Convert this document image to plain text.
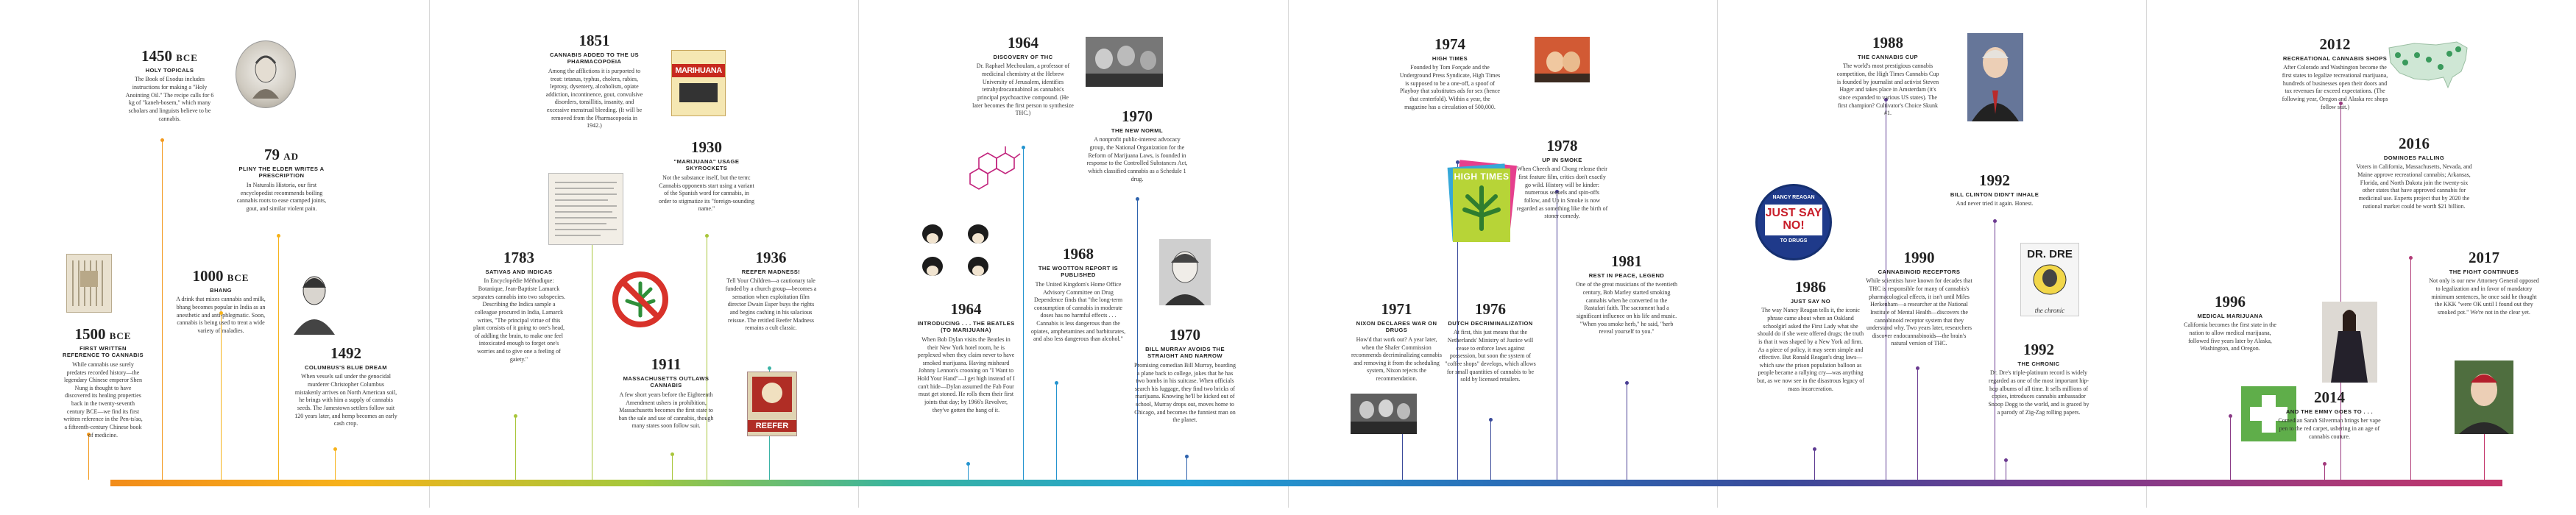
MARIHUANA
REEFER
HIGH TIMES
NANCY REAGAN
JUST SAY NO!
TO DRUGS
DR. DRE
the chronic
1500 BCE
FIRST WRITTEN REFERENCE TO CANNABIS
While cannabis use surely predates recorded history—the legendary Chinese emperor Shen Nung is thought to have discovered its healing properties back in the twenty-seventh century BCE—we find its first written reference in the Pen-ts'ao, a fifteenth-century Chinese book of medicine.
1450 BCE
HOLY TOPICALS
The Book of Exodus includes instructions for making a "Holy Anointing Oil." The recipe calls for 6 kg of "kaneh-bosem," which many scholars and linguists believe to be cannabis.
1000 BCE
BHANG
A drink that mixes cannabis and milk, bhang becomes popular in India as an anesthetic and anti-phlegmatic. Soon, cannabis is being used to treat a wide variety of maladies.
79 AD
PLINY THE ELDER WRITES A PRESCRIPTION
In Naturalis Historia, our first encyclopedist recommends boiling cannabis roots to ease cramped joints, gout, and similar violent pain.
1492
COLUMBUS'S BLUE DREAM
When vessels sail under the genocidal murderer Christopher Columbus mistakenly arrives on North American soil, he brings with him a supply of cannabis seeds. The Jamestown settlers follow suit 120 years later, and hemp becomes an early cash crop.
1783
SATIVAS AND INDICAS
In Encyclopédie Méthodique: Botanique, Jean-Baptiste Lamarck separates cannabis into two subspecies. Describing the Indica sample a colleague procured in India, Lamarck writes, "The principal virtue of this plant consists of it going to one's head, of addling the brain, to make one feel intoxicated enough to forget one's worries and to give one a feeling of gaiety."
1851
CANNABIS ADDED TO THE US PHARMACOPOEIA
Among the afflictions it is purported to treat: tetanus, typhus, cholera, rabies, leprosy, dysentery, alcoholism, opiate addiction, incontinence, gout, convulsive disorders, tonsillitis, insanity, and excessive menstrual bleeding. (It will be removed from the Pharmacopoeia in 1942.)
1911
MASSACHUSETTS OUTLAWS CANNABIS
A few short years before the Eighteenth Amendment ushers in prohibition, Massachusetts becomes the first state to ban the sale and use of cannabis, though many states soon follow suit.
1930
"MARIJUANA" USAGE SKYROCKETS
Not the substance itself, but the term: Cannabis opponents start using a variant of the Spanish word for cannabis, in order to stigmatize its "foreign-sounding name."
1936
REEFER MADNESS!
Tell Your Children—a cautionary tale funded by a church group—becomes a sensation when exploitation film director Dwain Esper buys the rights and begins cashing in his salacious reissue. The retitled Reefer Madness remains a cult classic.
1964
DISCOVERY OF THC
Dr. Raphael Mechoulam, a professor of medicinal chemistry at the Hebrew University of Jerusalem, identifies tetrahydrocannabinol as cannabis's principal psychoactive compound. (He later becomes the first person to synthesize THC.)
1964
INTRODUCING . . . THE BEATLES (TO MARIJUANA)
When Bob Dylan visits the Beatles in their New York hotel room, he is perplexed when they claim never to have smoked marijuana. Having misheard Johnny Lennon's crooning on "I Want to Hold Your Hand"—I get high instead of I can't hide—Dylan assumed the Fab Four must get stoned. He rolls them their first joints that day; by 1966's Revolver, they've gotten the hang of it.
1968
THE WOOTTON REPORT IS PUBLISHED
The United Kingdom's Home Office Advisory Committee on Drug Dependence finds that "the long-term consumption of cannabis in moderate doses has no harmful effects . . . Cannabis is less dangerous than the opiates, amphetamines and barbiturates, and also less dangerous than alcohol."
1970
THE NEW NORML
A nonprofit public-interest advocacy group, the National Organization for the Reform of Marijuana Laws, is founded in response to the Controlled Substances Act, which classified cannabis as a Schedule 1 drug.
1970
BILL MURRAY AVOIDS THE STRAIGHT AND NARROW
Promising comedian Bill Murray, boarding a plane back to college, jokes that he has two bombs in his suitcase. When officials search his luggage, they find two bricks of marijuana. Knowing he'll be kicked out of school, Murray drops out, moves home to Chicago, and becomes the funniest man on the planet.
1971
NIXON DECLARES WAR ON DRUGS
How'd that work out? A year later, when the Shafer Commission recommends decriminalizing cannabis and removing it from the scheduling system, Nixon rejects the recommendation.
1974
HIGH TIMES
Founded by Tom Forçade and the Underground Press Syndicate, High Times is supposed to be a one-off, a spoof of Playboy that substitutes ads for sex (hence that centerfold). Within a year, the magazine has a circulation of 500,000.
1976
DUTCH DECRIMINALIZATION
At first, this just means that the Netherlands' Ministry of Justice will cease to enforce laws against possession, but soon the system of "coffee shops" develops, which allows for small quantities of cannabis to be sold by licensed retailers.
1978
UP IN SMOKE
When Cheech and Chong release their first feature film, critics don't exactly go wild. History will be kinder: numerous sequels and spin-offs follow, and Up in Smoke is now regarded as something like the birth of stoner comedy.
1981
REST IN PEACE, LEGEND
One of the great musicians of the twentieth century, Bob Marley started smoking cannabis when he converted to the Rastafari faith. The sacrament had a significant influence on his life and music. "When you smoke herb," he said, "herb reveal yourself to you."
1986
JUST SAY NO
The way Nancy Reagan tells it, the iconic phrase came about when an Oakland schoolgirl asked the First Lady what she should do if she were offered drugs; the truth is that it was shaped by a New York ad firm. As a piece of policy, it may seem simple and effective. But Ronald Reagan's drug laws—which saw the prison population balloon as people became a rallying cry—was anything but, as we now see in the disastrous legacy of mass incarceration.
1988
THE CANNABIS CUP
The world's most prestigious cannabis competition, the High Times Cannabis Cup is founded by journalist and activist Steven Hager and takes place in Amsterdam (it's since expanded to various US states). The first champion? Cultivator's Choice Skunk #1.
1990
CANNABINOID RECEPTORS
While scientists have known for decades that THC is responsible for many of cannabis's pharmacological effects, it isn't until Miles Herkenham—a researcher at the National Institute of Mental Health—discovers the cannabinoid receptor system that they understand why. Two years later, researchers discover endocannabinoids—the brain's natural version of THC.
1992
BILL CLINTON DIDN'T INHALE
And never tried it again. Honest.
1992
THE CHRONIC
Dr. Dre's triple-platinum record is widely regarded as one of the most important hip-hop albums of all time. It sells millions of copies, introduces cannabis ambassador Snoop Dogg to the world, and is graced by a parody of Zig-Zag rolling papers.
1996
MEDICAL MARIJUANA
California becomes the first state in the nation to allow medical marijuana, followed five years later by Alaska, Washington, and Oregon.
2012
RECREATIONAL CANNABIS SHOPS
After Colorado and Washington become the first states to legalize recreational marijuana, hundreds of businesses open their doors and tax revenues far exceed expectations. (The following year, Oregon and Alaska rec shops follow suit.)
2014
AND THE EMMY GOES TO . . .
Comedian Sarah Silverman brings her vape pen to the red carpet, ushering in an age of cannabis couture.
2016
DOMINOES FALLING
Voters in California, Massachusetts, Nevada, and Maine approve recreational cannabis; Arkansas, Florida, and North Dakota join the twenty-six other states that have approved cannabis for medicinal use. Experts project that by 2020 the national market could be worth $21 billion.
2017
THE FIGHT CONTINUES
Not only is our new Attorney General opposed to legalization and in favor of mandatory minimum sentences, he once said he thought the KKK "were OK until I found out they smoked pot." We're not in the clear yet.
